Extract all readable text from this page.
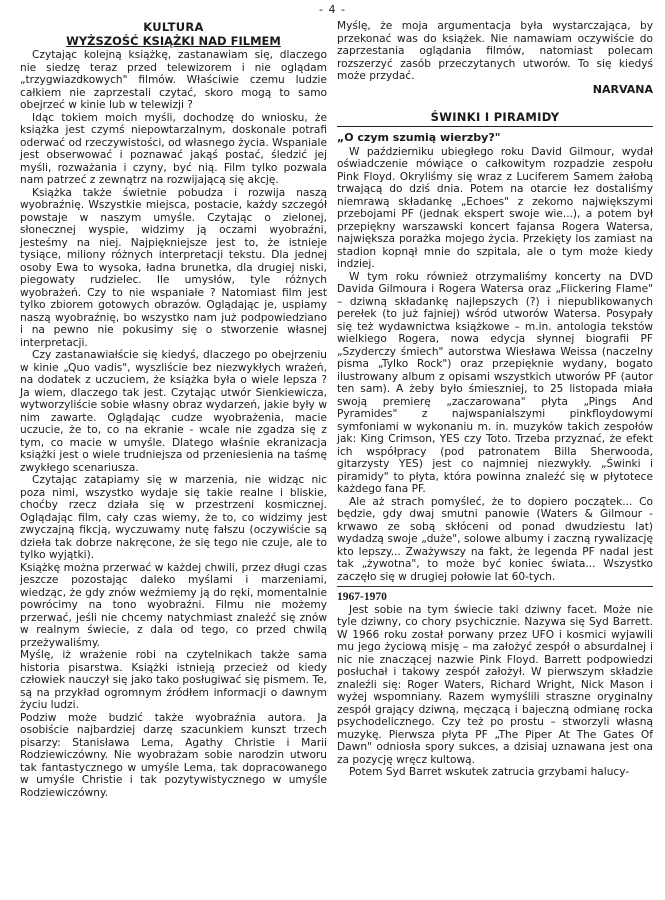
- 4 -
KULTURA
WYŻSZOŚĆ KSIĄŻKI NAD FILMEM

Czytając kolejną książkę, zastanawiam się, dlaczego nie siedzę teraz przed telewizorem i nie oglądam „trzygwiazdkowych" filmów. Właściwie czemu ludzie całkiem nie zaprzestali czytać, skoro mogą to samo obejrzeć w kinie lub w telewizji ?

Idąc tokiem moich myśli, dochodzę do wniosku, że książka jest czymś niepowtarzalnym, doskonale potrafi oderwać od rzeczywistości, od własnego życia. Wspaniale jest obserwować i poznawać jakąś postać, śledzić jej myśli, rozważania i czyny, być nią. Film tylko pozwala nam patrzeć z zewnątrz na rozwijającą się akcję.

Książka także świetnie pobudza i rozwija naszą wyobraźnię. Wszystkie miejsca, postacie, każdy szczegół powstaje w naszym umyśle. Czytając o zielonej, słonecznej wyspie, widzimy ją oczami wyobraźni, jesteśmy na niej. Najpiękniejsze jest to, że istnieje tysiące, miliony różnych interpretacji tekstu. Dla jednej osoby Ewa to wysoka, ładna brunetka, dla drugiej niski, piegowaty rudzielec. Ile umysłów, tyle różnych wyobrażeń. Czy to nie wspaniałe ? Natomiast film jest tylko zbiorem gotowych obrazów. Oglądając je, uspiamy naszą wyobraźnię, bo wszystko nam już podpowiedziano i na pewno nie pokusimy się o stworzenie własnej interpretacji.

Czy zastanawiałście się kiedyś, dlaczego po obejrzeniu w kinie „Quo vadis", wyszliście bez niezwykłych wrażeń, na dodatek z uczuciem, że książka była o wiele lepsza ? Ja wiem, dlaczego tak jest. Czytając utwór Sienkiewicza, wytworzyliście sobie własny obraz wydarzeń, jakie były w nim zawarte. Oglądając cudze wyobrażenia, macie uczucie, że to, co na ekranie - wcale nie zgadza się z tym, co macie w umyśle. Dlatego właśnie ekranizacja książki jest o wiele trudniejsza od przeniesienia na taśmę zwykłego scenariusza.

Czytając zatapiamy się w marzenia, nie widząc nic poza nimi, wszystko wydaje się takie realne i bliskie, choćby rzecz działa się w przestrzeni kosmicznej. Oglądając film, cały czas wiemy, że to, co widzimy jest zwyczajną fikcją, wyczuwamy nutę fałszu (oczywiście są dzieła tak dobrze nakręcone, że się tego nie czuje, ale to tylko wyjątki).

Książkę można przerwać w każdej chwili, przez długi czas jeszcze pozostając daleko myślami i marzeniami, wiedząc, że gdy znów weźmiemy ją do ręki, momentalnie powrócimy na tono wyobraźni. Filmu nie możemy przerwać, jeśli nie chcemy natychmiast znaleźć się znów w realnym świecie, z dala od tego, co przed chwilą przeżywaliśmy.

Myślę, iż wrażenie robi na czytelnikach także sama historia pisarstwa. Książki istnieją przecież od kiedy człowiek nauczył się jako tako posługiwać się pismem. Te, są na przykład ogromnym źródłem informacji o dawnym życiu ludzi.

Podziw może budzić także wyobraźnia autora. Ja osobiście najbardziej darzę szacunkiem kunszt trzech pisarzy: Stanisława Lema, Agathy Christie i Marii Rodziewiczówny. Nie wyobrażam sobie narodzin utworu tak fantastycznego w umyśle Lema, tak dopracowanego w umyśle Christie i tak pozytywistycznego w umyśle Rodziewiczówny.

Myślę, że moja argumentacja była wystarczająca, by przekonać was do książek. Nie namawiam oczywiście do zaprzestania oglądania filmów, natomiast polecam rozszerzyć zasób przeczytanych utworów. To się kiedyś może przydać.

NARVANA
ŚWINKI I PIRAMIDY
„O czym szumią wierzby?"

W październiku ubiegłego roku David Gilmour, wydał oświadczenie mówiące o całkowitym rozpadzie zespołu Pink Floyd. Okryliśmy się wraz z Luciferem Samem żałobą trwającą do dziś dnia. Potem na otarcie łez dostaliśmy niemrawą składankę „Echoes" z zekomo największymi przebojami PF (jednak ekspert swoje wie...), a potem był przepiękny warszawski koncert fajansa Rogera Watersa, największa porażka mojego życia. Przekięty los zamiast na stadion kopnął mnie do szpitala, ale o tym może kiedy indziej.

W tym roku również otrzymaliśmy koncerty na DVD Davida Gilmoura i Rogera Watersa oraz „Flickering Flame" – dziwną składankę najlepszych (?) i niepublikowanych perełek (to już fajniej) wśród utworów Watersa. Posypały się też wydawnictwa książkowe – m.in. antologia tekstów wielkiego Rogera, nowa edycja słynnej biografii PF „Szyderczy śmiech" autorstwa Wiesława Weissa (naczelny pisma „Tylko Rock") oraz przepięknie wydany, bogato ilustrowany album z opisami wszystkich utworów PF (autor ten sam). A żeby było śmieszniej, to 25 listopada miała swoją premierę „zaczarowana" płyta „Pings And Pyramides" z najwspanialszymi pinkfloydowymi symfoniami w wykonaniu m. in. muzyków takich zespołów jak: King Crimson, YES czy Toto. Trzeba przyznać, że efekt ich współpracy (pod patronatem Billa Sherwooda, gitarzysty YES) jest co najmniej niezwykły. „Świnki i piramidy" to płyta, która powinna znaleźć się w płytotece każdego fana PF.

Ale aż strach pomyśleć, że to dopiero początek... Co będzie, gdy dwaj smutni panowie (Waters & Gilmour - krwawo ze sobą skłóceni od ponad dwudziestu lat) wydadzą swoje „duże", solowe albumy i zaczną rywalizację kto lepszy... Zważywszy na fakt, że legenda PF nadal jest tak „żywotna", to może być koniec świata... Wszystko zaczęło się w drugiej połowie lat 60-tych.

1967-1970

Jest sobie na tym świecie taki dziwny facet. Może nie tyle dziwny, co chory psychicznie. Nazywa się Syd Barrett. W 1966 roku został porwany przez UFO i kosmici wyjawili mu jego życiową misję – ma założyć zespół o absurdalnej i nic nie znaczącej nazwie Pink Floyd. Barrett podpowiedzi posłuchał i takowy zespół założył. W pierwszym składzie znaleźli się: Roger Waters, Richard Wright, Nick Mason i wyżej wspomniany. Razem wymyślili straszne oryginalny zespół grający dziwną, męczącą i bajeczną odmianę rocka psychodelicznego. Czy też po prostu – stworzyli własną muzykę. Pierwsza płyta PF „The Piper At The Gates Of Dawn" odniosła spory sukces, a dzisiaj uznawana jest ona za pozycję wręcz kultową.

Potem Syd Barret wskutek zatrucia grzybami halucy-
